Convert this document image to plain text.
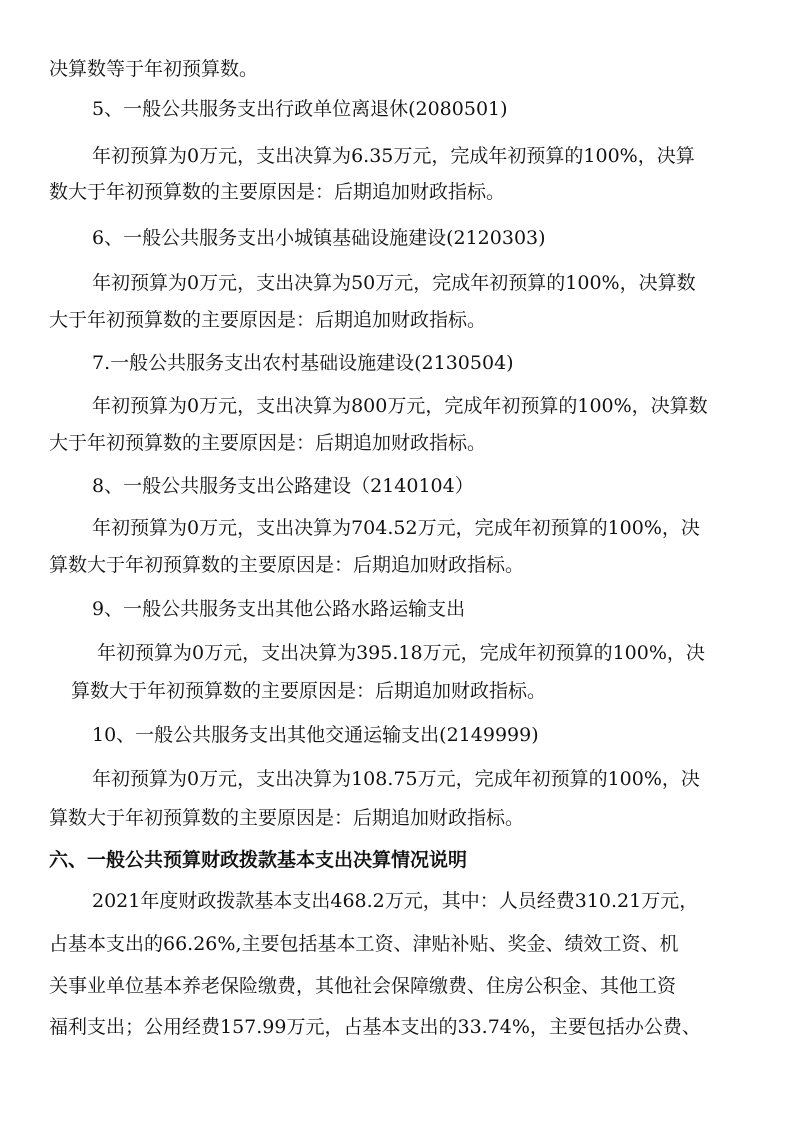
决算数等于年初预算数。
5、一般公共服务支出行政单位离退休(2080501)
年初预算为0万元，支出决算为6.35万元，完成年初预算的100%，决算
数大于年初预算数的主要原因是：后期追加财政指标。
6、一般公共服务支出小城镇基础设施建设(2120303)
年初预算为0万元，支出决算为50万元，完成年初预算的100%，决算数
大于年初预算数的主要原因是：后期追加财政指标。
7.一般公共服务支出农村基础设施建设(2130504)
年初预算为0万元，支出决算为800万元，完成年初预算的100%，决算数
大于年初预算数的主要原因是：后期追加财政指标。
8、一般公共服务支出公路建设（2140104）
年初预算为0万元，支出决算为704.52万元，完成年初预算的100%，决
算数大于年初预算数的主要原因是：后期追加财政指标。
9、一般公共服务支出其他公路水路运输支出
年初预算为0万元，支出决算为395.18万元，完成年初预算的100%，决
算数大于年初预算数的主要原因是：后期追加财政指标。
10、一般公共服务支出其他交通运输支出(2149999)
年初预算为0万元，支出决算为108.75万元，完成年初预算的100%，决
算数大于年初预算数的主要原因是：后期追加财政指标。
六、一般公共预算财政拨款基本支出决算情况说明
2021年度财政拨款基本支出468.2万元，其中：人员经费310.21万元，
占基本支出的66.26%,主要包括基本工资、津贴补贴、奖金、绩效工资、机
关事业单位基本养老保险缴费，其他社会保障缴费、住房公积金、其他工资
福利支出；公用经费157.99万元，占基本支出的33.74%，主要包括办公费、
